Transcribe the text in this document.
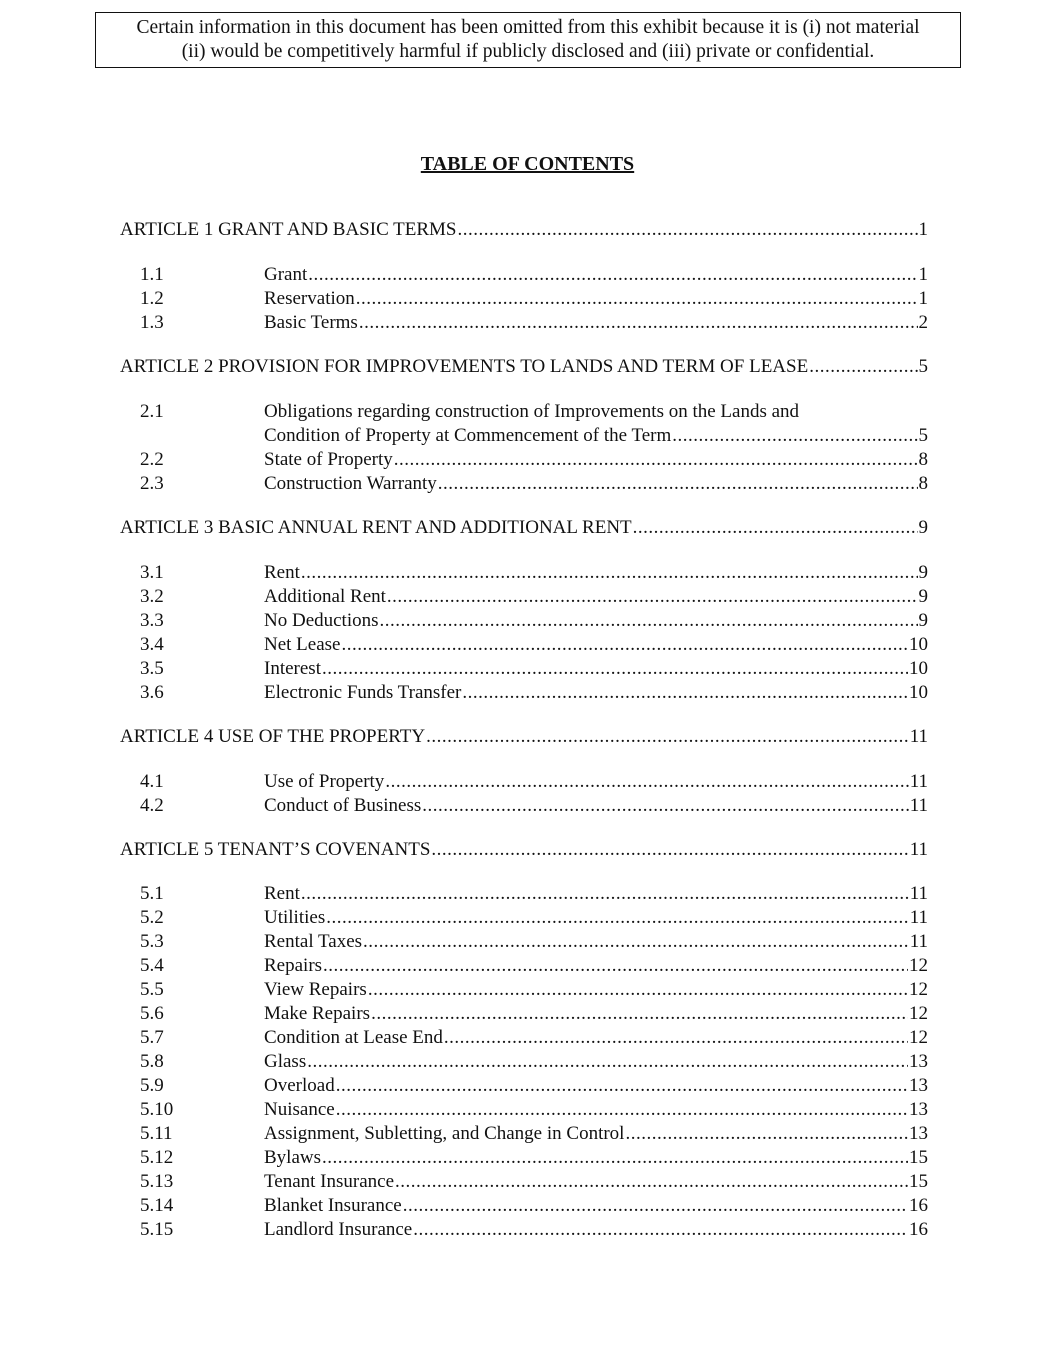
Certain information in this document has been omitted from this exhibit because it is (i) not material
(ii) would be competitively harmful if publicly disclosed and (iii) private or confidential.
TABLE OF CONTENTS
ARTICLE 1 GRANT AND BASIC TERMS .....	1
1.1	Grant .....	1
1.2	Reservation .....	1
1.3	Basic Terms .....	2
ARTICLE 2 PROVISION FOR IMPROVEMENTS TO LANDS AND TERM OF LEASE .....	5
2.1	Obligations regarding construction of Improvements on the Lands and
Condition of Property at Commencement of the Term .....	5
2.2	State of Property .....	8
2.3	Construction Warranty .....	8
ARTICLE 3 BASIC ANNUAL RENT AND ADDITIONAL RENT .....	9
3.1	Rent .....	9
3.2	Additional Rent .....	9
3.3	No Deductions .....	9
3.4	Net Lease .....	10
3.5	Interest .....	10
3.6	Electronic Funds Transfer .....	10
ARTICLE 4 USE OF THE PROPERTY .....	11
4.1	Use of Property .....	11
4.2	Conduct of Business .....	11
ARTICLE 5 TENANT’S COVENANTS .....	11
5.1	Rent .....	11
5.2	Utilities .....	11
5.3	Rental Taxes .....	11
5.4	Repairs .....	12
5.5	View Repairs .....	12
5.6	Make Repairs .....	12
5.7	Condition at Lease End .....	12
5.8	Glass .....	13
5.9	Overload .....	13
5.10	Nuisance .....	13
5.11	Assignment, Subletting, and Change in Control .....	13
5.12	Bylaws .....	15
5.13	Tenant Insurance .....	15
5.14	Blanket Insurance .....	16
5.15	Landlord Insurance .....	16
